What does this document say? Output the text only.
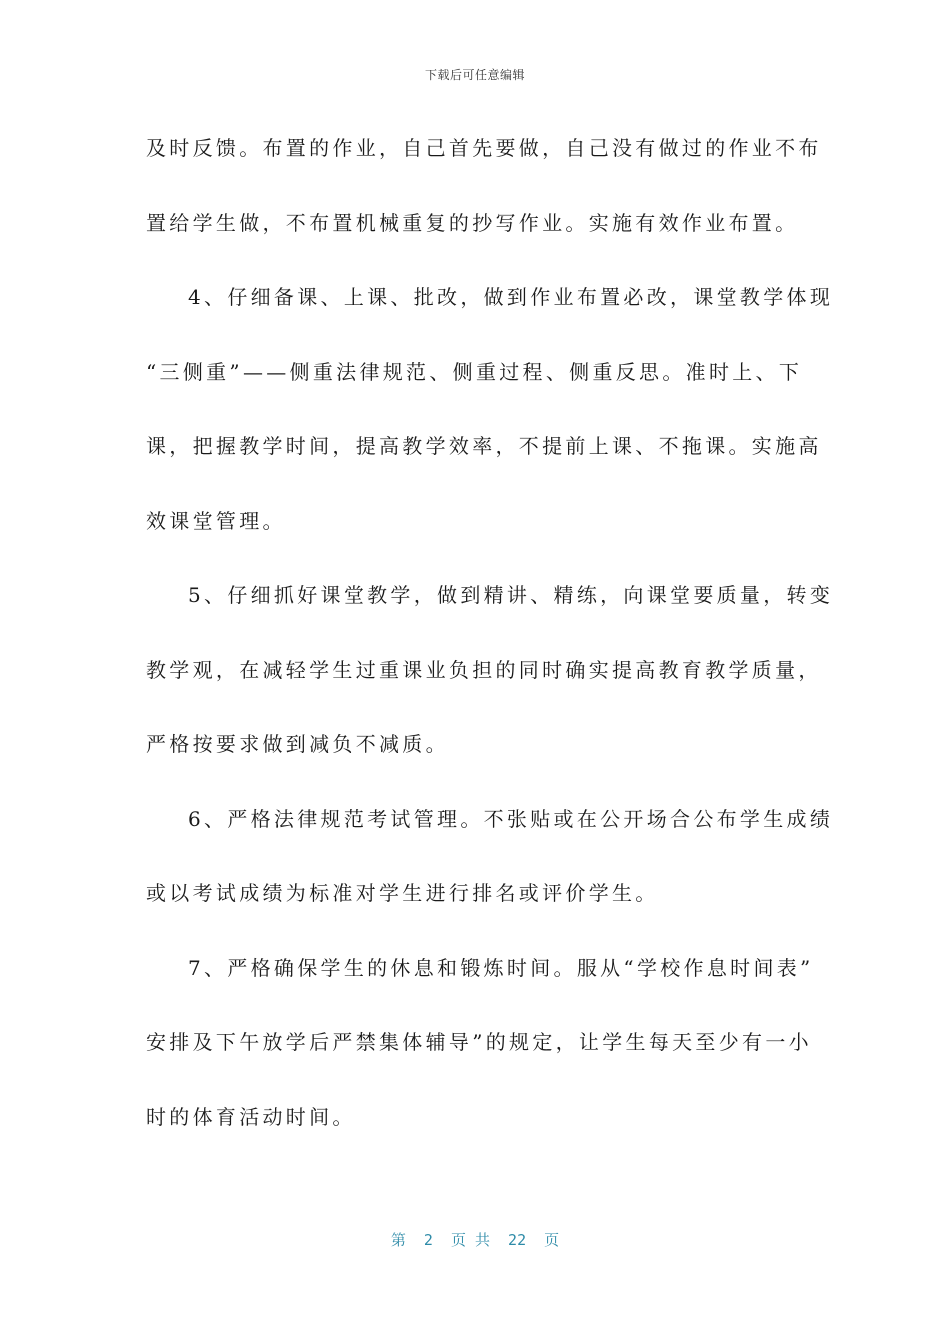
下载后可任意编辑
及时反馈。布置的作业，自己首先要做，自己没有做过的作业不布
置给学生做，不布置机械重复的抄写作业。实施有效作业布置。
4、仔细备课、上课、批改，做到作业布置必改，课堂教学体现
“三侧重”——侧重法律规范、侧重过程、侧重反思。准时上、下
课，把握教学时间，提高教学效率，不提前上课、不拖课。实施高
效课堂管理。
5、仔细抓好课堂教学，做到精讲、精练，向课堂要质量，转变
教学观，在减轻学生过重课业负担的同时确实提高教育教学质量，
严格按要求做到减负不减质。
6、严格法律规范考试管理。不张贴或在公开场合公布学生成绩
或以考试成绩为标准对学生进行排名或评价学生。
7、严格确保学生的休息和锻炼时间。服从“学校作息时间表”
安排及下午放学后严禁集体辅导”的规定，让学生每天至少有一小
时的体育活动时间。
第  2  页 共  22  页
